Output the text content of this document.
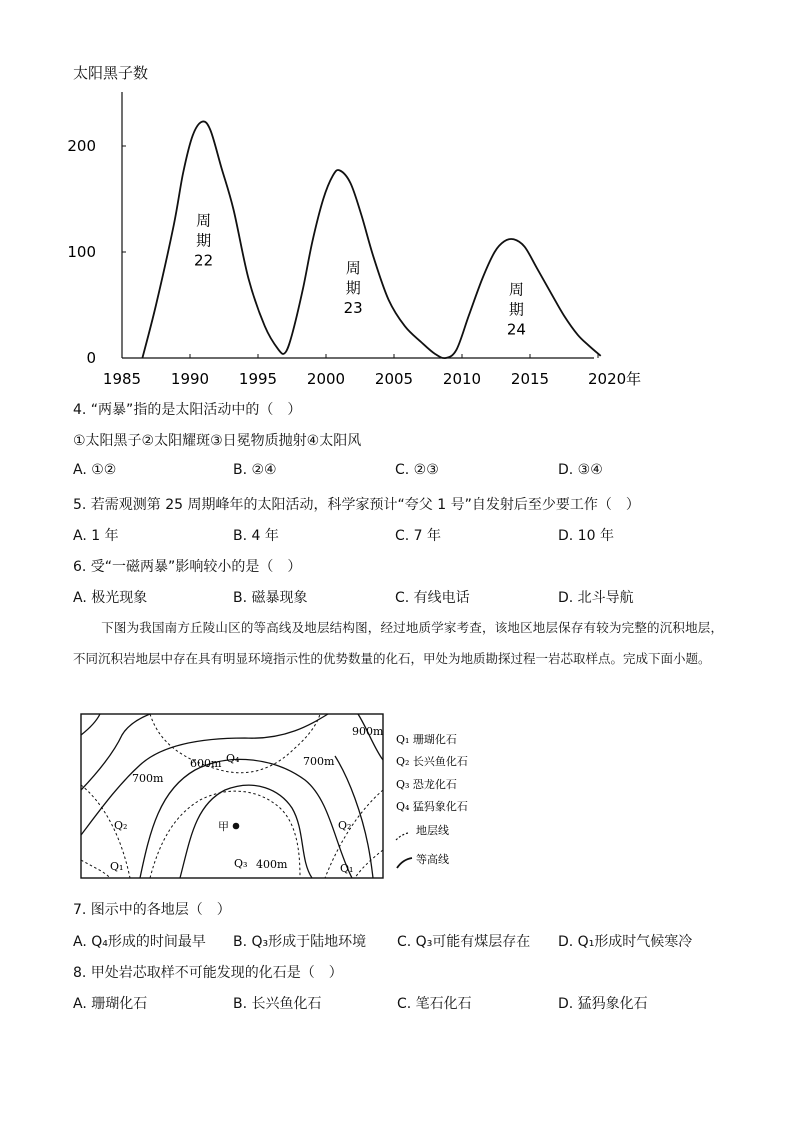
太阳黑子数
0
100
200
1985 1990 1995 2000 2005 2010 2015	2020年
周
期
22	周
期
23
周
期
24
4. “两暴”指的是太阳活动中的（　）
①太阳黑子②太阳耀斑③日冕物质抛射④太阳风
A. ①②	B. ②④	C. ②③	D. ③④
5. 若需观测第 25 周期峰年的太阳活动，科学家预计“夸父 1 号”自发射后至少要工作（　）
A. 1 年	B. 4 年	C. 7 年	D. 10 年
6. 受“一磁两暴”影响较小的是（　）
A. 极光现象	B. 磁暴现象	C. 有线电话	D. 北斗导航
下图为我国南方丘陵山区的等高线及地层结构图，经过地质学家考查，该地区地层保存有较为完整的沉积地层，不同沉积岩地层中存在具有明显环境指示性的优势数量的化石，甲处为地质勘探过程一岩芯取样点。完成下面小题。
900m
600m Q₄
700m
700m
Q₂	Q₂
甲
Q₁	Q₃ 400m	Q₁
Q₁ 珊瑚化石
Q₂ 长兴鱼化石
Q₃ 恐龙化石
Q₄ 猛犸象化石
地层线
等高线
7. 图示中的各地层（　）
A. Q₄形成的时间最早 B. Q₃形成于陆地环境 C. Q₃可能有煤层存在 D. Q₁形成时气候寒冷
8. 甲处岩芯取样不可能发现的化石是（　）
A. 珊瑚化石	B. 长兴鱼化石	C. 笔石化石	D. 猛犸象化石
